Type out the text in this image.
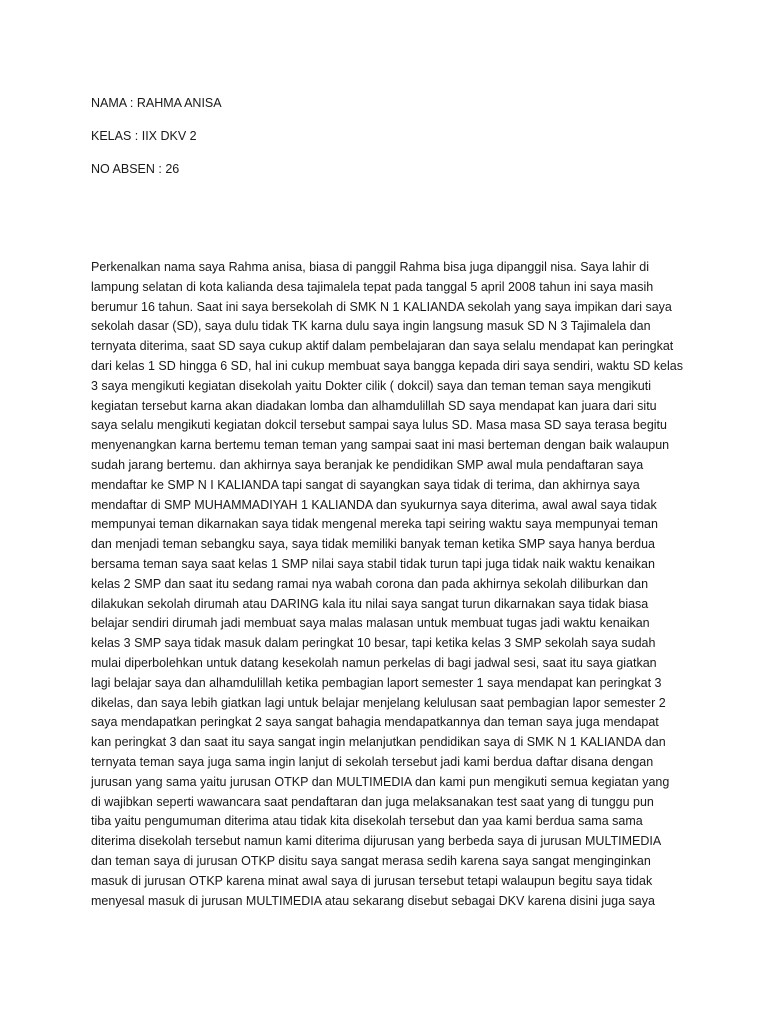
NAMA : RAHMA ANISA
KELAS : IIX DKV 2
NO ABSEN : 26
Perkenalkan nama saya Rahma anisa, biasa di panggil Rahma bisa juga dipanggil nisa. Saya lahir di
lampung selatan di kota kalianda desa tajimalela tepat pada tanggal 5 april 2008 tahun ini saya masih
berumur 16 tahun. Saat ini saya bersekolah di SMK N 1 KALIANDA sekolah yang saya impikan dari saya
sekolah dasar (SD), saya dulu tidak TK karna dulu saya ingin langsung masuk SD N 3 Tajimalela dan
ternyata diterima, saat SD saya cukup aktif dalam pembelajaran dan saya selalu mendapat kan peringkat
dari kelas 1 SD hingga 6 SD, hal ini cukup membuat saya bangga kepada diri saya sendiri, waktu SD kelas
3 saya mengikuti kegiatan disekolah yaitu Dokter cilik ( dokcil) saya dan teman teman saya mengikuti
kegiatan tersebut karna akan diadakan lomba dan alhamdulillah SD saya mendapat kan juara dari situ
saya selalu mengikuti kegiatan dokcil tersebut sampai saya lulus SD. Masa masa SD saya terasa begitu
menyenangkan karna bertemu teman teman yang sampai saat ini masi berteman dengan baik walaupun
sudah jarang bertemu. dan akhirnya saya beranjak ke pendidikan SMP awal mula pendaftaran saya
mendaftar ke SMP N I KALIANDA tapi sangat di sayangkan saya tidak di terima, dan akhirnya saya
mendaftar di SMP MUHAMMADIYAH 1 KALIANDA dan syukurnya saya diterima, awal awal saya tidak
mempunyai teman dikarnakan saya tidak mengenal mereka tapi seiring waktu saya mempunyai teman
dan menjadi teman sebangku saya, saya tidak memiliki banyak teman ketika SMP saya hanya berdua
bersama teman saya saat kelas 1 SMP nilai saya stabil tidak turun tapi juga tidak naik waktu kenaikan
kelas 2 SMP dan saat itu sedang ramai nya wabah corona dan pada akhirnya sekolah diliburkan dan
dilakukan sekolah dirumah atau DARING kala itu nilai saya sangat turun dikarnakan saya tidak biasa
belajar sendiri dirumah jadi membuat saya malas malasan untuk membuat tugas jadi waktu kenaikan
kelas 3 SMP saya tidak masuk dalam peringkat 10 besar, tapi ketika kelas 3 SMP sekolah saya sudah
mulai diperbolehkan untuk datang kesekolah namun perkelas di bagi jadwal sesi, saat itu saya giatkan
lagi belajar saya dan alhamdulillah ketika pembagian laport semester 1 saya mendapat kan peringkat 3
dikelas, dan saya lebih giatkan lagi untuk belajar menjelang kelulusan saat pembagian lapor semester 2
saya mendapatkan peringkat 2 saya sangat bahagia mendapatkannya dan teman saya juga mendapat
kan peringkat 3 dan saat itu saya sangat ingin melanjutkan pendidikan saya di SMK N 1 KALIANDA dan
ternyata teman saya juga sama ingin lanjut di sekolah tersebut jadi kami berdua daftar disana dengan
jurusan yang sama yaitu jurusan OTKP dan MULTIMEDIA dan kami pun mengikuti semua kegiatan yang
di wajibkan seperti wawancara saat pendaftaran dan juga melaksanakan test saat yang di tunggu pun
tiba yaitu pengumuman diterima atau tidak kita disekolah tersebut dan yaa kami berdua sama sama
diterima disekolah tersebut namun kami diterima dijurusan yang berbeda saya di jurusan MULTIMEDIA
dan teman saya di jurusan OTKP disitu saya sangat merasa sedih karena saya sangat menginginkan
masuk di jurusan OTKP karena minat awal saya di jurusan tersebut tetapi walaupun begitu saya tidak
menyesal masuk di jurusan MULTIMEDIA atau sekarang disebut sebagai DKV karena disini juga saya
